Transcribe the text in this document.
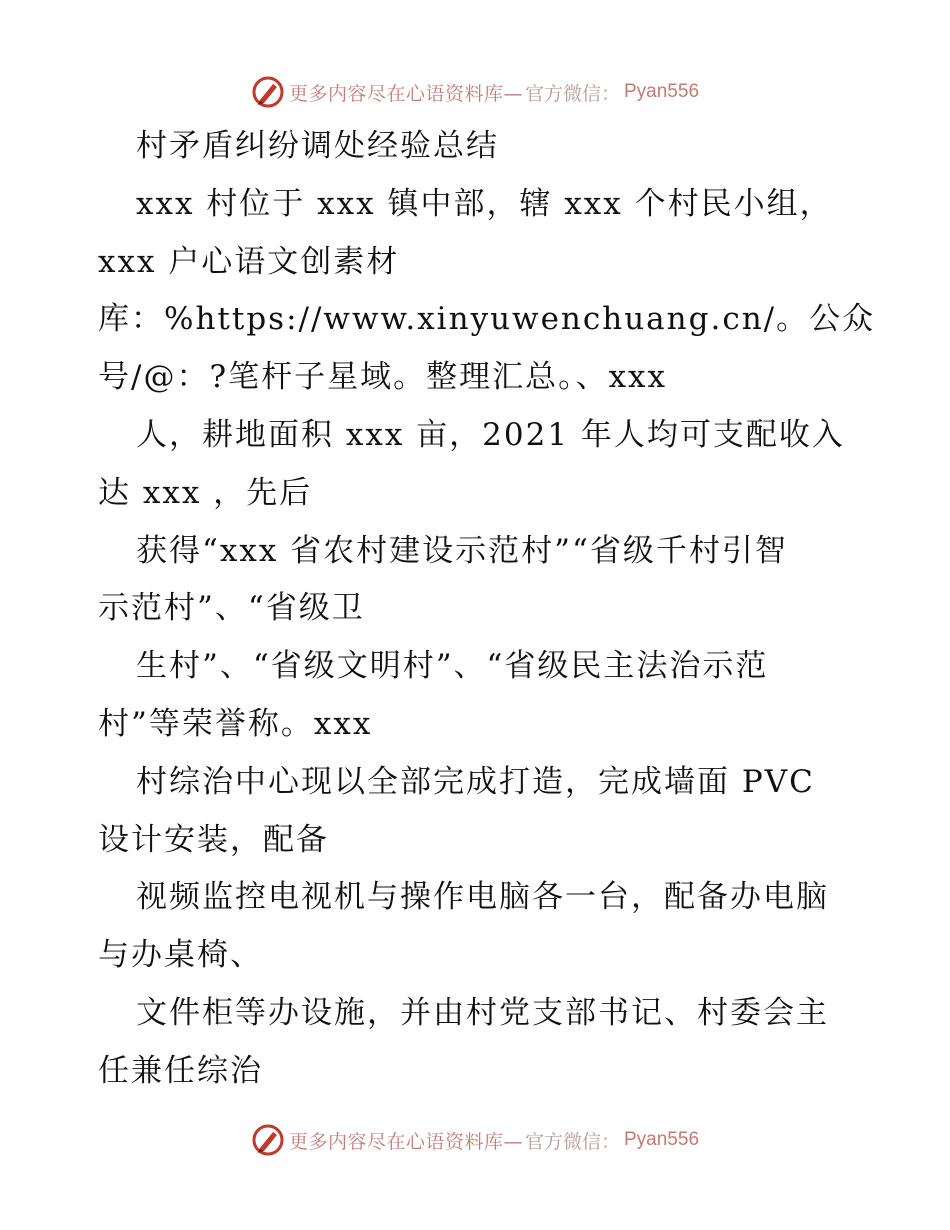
更多内容尽在心语资料库— 官方微信： Pyan556
村矛盾纠纷调处经验总结
xxx 村位于 xxx 镇中部，辖 xxx 个村民小组，
xxx 户心语文创素材
库：%https://www.xinyuwenchuang.cn/。公众
号/@：?笔杆子星域。整理汇总。、xxx
人，耕地面积 xxx 亩，2021 年人均可支配收入
达 xxx ，先后
获得“xxx 省农村建设示范村”“省级千村引智
示范村”、“省级卫
生村”、“省级文明村”、“省级民主法治示范
村”等荣誉称。xxx
村综治中心现以全部完成打造，完成墙面 PVC
设计安装，配备
视频监控电视机与操作电脑各一台，配备办电脑
与办桌椅、
文件柜等办设施，并由村党支部书记、村委会主
任兼任综治
更多内容尽在心语资料库— 官方微信： Pyan556
